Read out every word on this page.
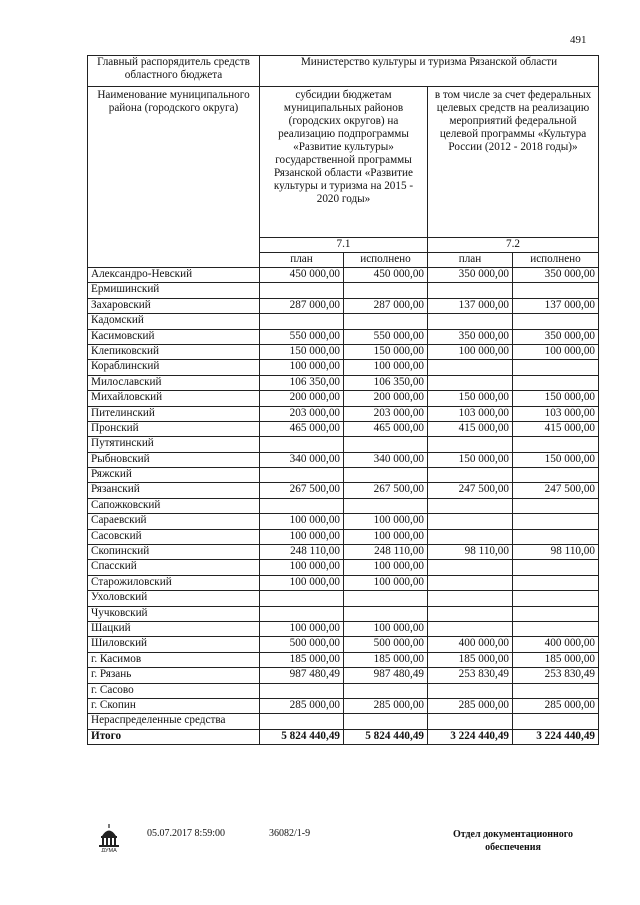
491
Главный распорядитель средств областного бюджета	Министерство культуры и туризма Рязанской области			
Наименование муниципального района (городского округа)	субсидии бюджетам муниципальных районов (городских округов) на реализацию подпрограммы «Развитие культуры» государственной программы Рязанской области «Развитие культуры и туризма на 2015 - 2020 годы»		в том числе за счет федеральных целевых средств на реализацию мероприятий федеральной целевой программы «Культура России (2012 - 2018 годы)»	
	7.1		7.2	
	план	исполнено	план	исполнено
Александро-Невский	450 000,00	450 000,00	350 000,00	350 000,00
Ермишинский				
Захаровский	287 000,00	287 000,00	137 000,00	137 000,00
Кадомский				
Касимовский	550 000,00	550 000,00	350 000,00	350 000,00
Клепиковский	150 000,00	150 000,00	100 000,00	100 000,00
Кораблинский	100 000,00	100 000,00		
Милославский	106 350,00	106 350,00		
Михайловский	200 000,00	200 000,00	150 000,00	150 000,00
Пителинский	203 000,00	203 000,00	103 000,00	103 000,00
Пронский	465 000,00	465 000,00	415 000,00	415 000,00
Путятинский				
Рыбновский	340 000,00	340 000,00	150 000,00	150 000,00
Ряжский				
Рязанский	267 500,00	267 500,00	247 500,00	247 500,00
Сапожковский				
Сараевский	100 000,00	100 000,00		
Сасовский	100 000,00	100 000,00		
Скопинский	248 110,00	248 110,00	98 110,00	98 110,00
Спасский	100 000,00	100 000,00		
Старожиловский	100 000,00	100 000,00		
Ухоловский				
Чучковский				
Шацкий	100 000,00	100 000,00		
Шиловский	500 000,00	500 000,00	400 000,00	400 000,00
г. Касимов	185 000,00	185 000,00	185 000,00	185 000,00
г. Рязань	987 480,49	987 480,49	253 830,49	253 830,49
г. Сасово				
г. Скопин	285 000,00	285 000,00	285 000,00	285 000,00
Нераспределенные средства				
Итого	5 824 440,49	5 824 440,49	3 224 440,49	3 224 440,49
ДУМА
05.07.2017 8:59:00	36082/1-9	Отдел документационного обеспечения
